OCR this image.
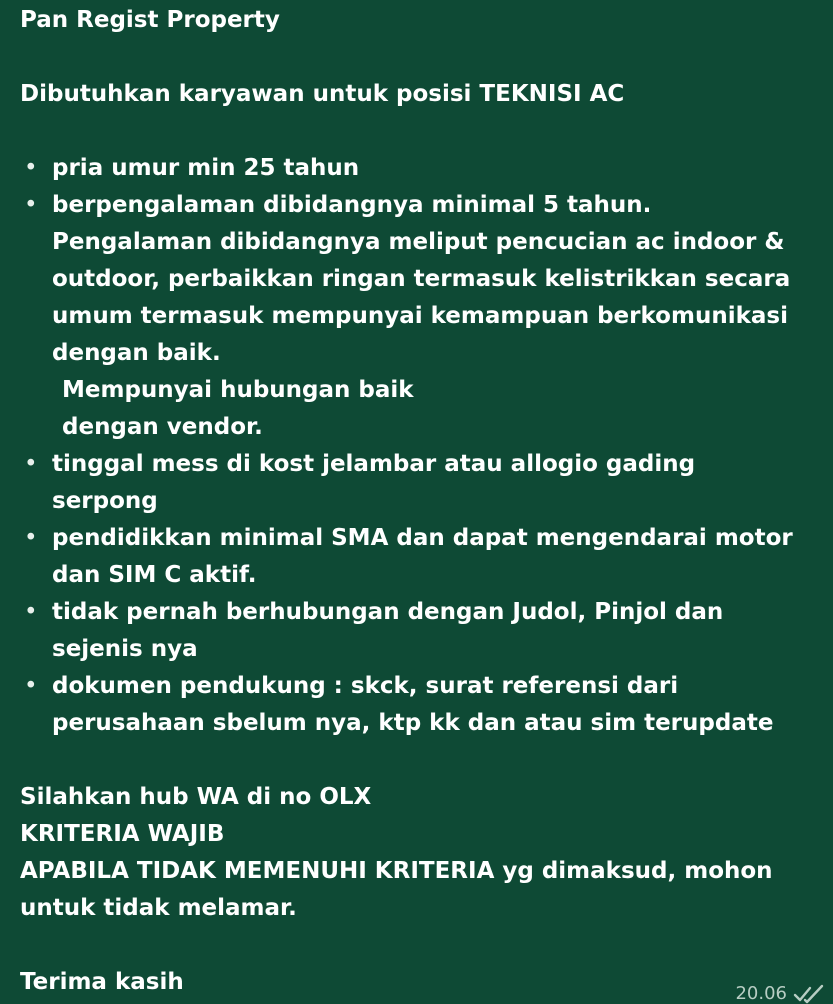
Pan Regist Property
Dibutuhkan karyawan untuk posisi TEKNISI AC
• pria umur min 25 tahun
• berpengalaman dibidangnya minimal 5 tahun.
Pengalaman dibidangnya meliput pencucian ac indoor &
outdoor, perbaikkan ringan termasuk kelistrikkan secara
umum termasuk mempunyai kemampuan berkomunikasi
dengan baik.
Mempunyai hubungan baik
dengan vendor.
• tinggal mess di kost jelambar atau allogio gading
serpong
• pendidikkan minimal SMA dan dapat mengendarai motor
dan SIM C aktif.
• tidak pernah berhubungan dengan Judol, Pinjol dan
sejenis nya
• dokumen pendukung : skck, surat referensi dari
perusahaan sbelum nya, ktp kk dan atau sim terupdate
Silahkan hub WA di no OLX
KRITERIA WAJIB
APABILA TIDAK MEMENUHI KRITERIA yg dimaksud, mohon
untuk tidak melamar.
Terima kasih	20.06
